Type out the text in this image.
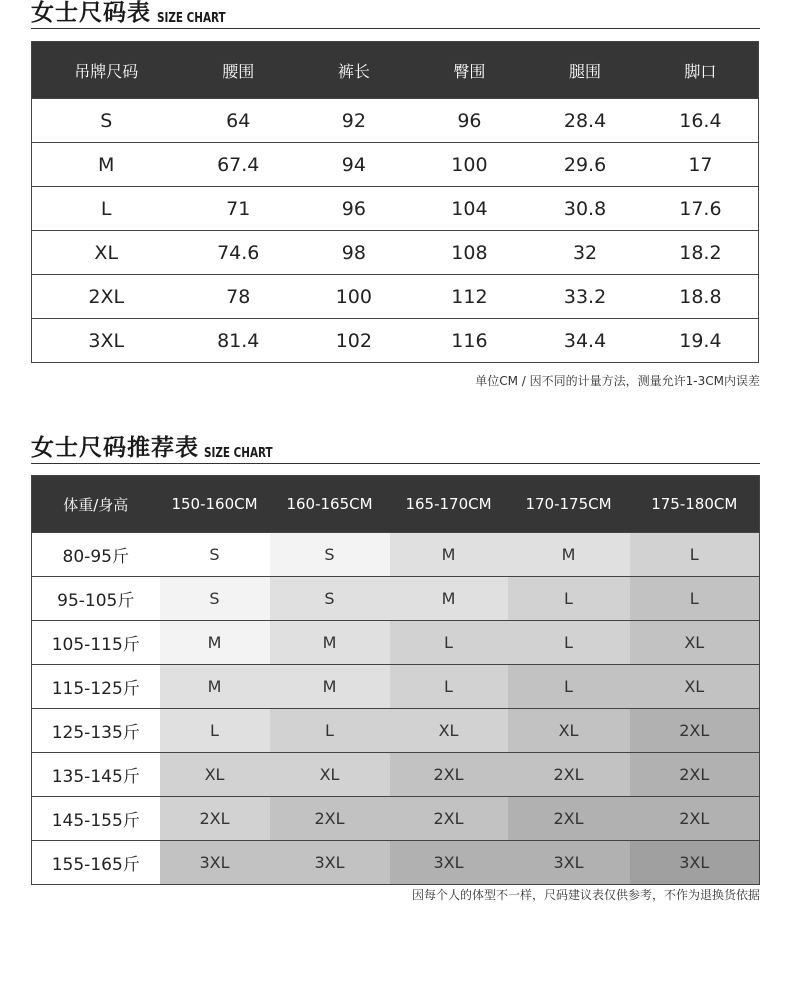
女士尺码表 SIZE CHART
吊牌尺码	腰围	裤长	臀围	腿围	脚口
S	64	92	96	28.4	16.4
M	67.4	94	100	29.6	17
L	71	96	104	30.8	17.6
XL	74.6	98	108	32	18.2
2XL	78	100	112	33.2	18.8
3XL	81.4	102	116	34.4	19.4
单位CM / 因不同的计量方法，测量允许1-3CM内误差
女士尺码推荐表 SIZE CHART
体重/身高	150-160CM	160-165CM	165-170CM	170-175CM	175-180CM
80-95斤	S	S	M	M	L
95-105斤	S	S	M	L	L
105-115斤	M	M	L	L	XL
115-125斤	M	M	L	L	XL
125-135斤	L	L	XL	XL	2XL
135-145斤	XL	XL	2XL	2XL	2XL
145-155斤	2XL	2XL	2XL	2XL	2XL
155-165斤	3XL	3XL	3XL	3XL	3XL
因每个人的体型不一样，尺码建议表仅供参考，不作为退换货依据
